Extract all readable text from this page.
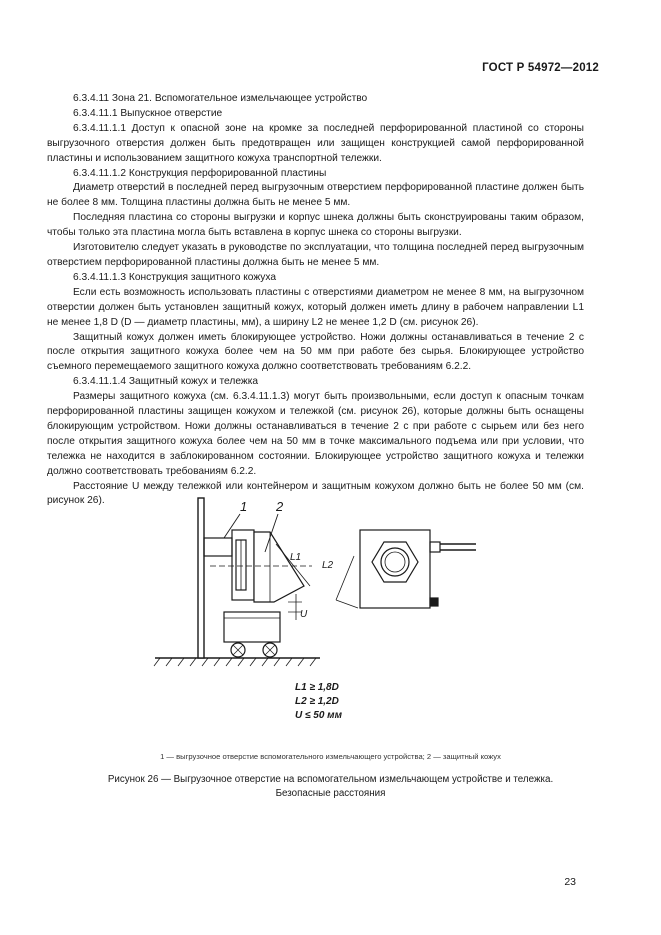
ГОСТ Р 54972—2012

6.3.4.11 Зона 21. Вспомогательное измельчающее устройство

6.3.4.11.1 Выпускное отверстие

6.3.4.11.1.1 Доступ к опасной зоне на кромке за последней перфорированной пластиной со стороны выгрузочного отверстия должен быть предотвращен или защищен конструкцией самой перфорированной пластины и использованием защитного кожуха транспортной тележки.

6.3.4.11.1.2 Конструкция перфорированной пластины

Диаметр отверстий в последней перед выгрузочным отверстием перфорированной пластине должен быть не более 8 мм. Толщина пластины должна быть не менее 5 мм.

Последняя пластина со стороны выгрузки и корпус шнека должны быть сконструированы таким образом, чтобы только эта пластина могла быть вставлена в корпус шнека со стороны выгрузки.

Изготовителю следует указать в руководстве по эксплуатации, что толщина последней перед выгрузочным отверстием перфорированной пластины должна быть не менее 5 мм.

6.3.4.11.1.3 Конструкция защитного кожуха

Если есть возможность использовать пластины с отверстиями диаметром не менее 8 мм, на выгрузочном отверстии должен быть установлен защитный кожух, который должен иметь длину в рабочем направлении L1 не менее 1,8 D (D — диаметр пластины, мм), а ширину L2 не менее 1,2 D (см. рисунок 26).

Защитный кожух должен иметь блокирующее устройство. Ножи должны останавливаться в течение 2 с после открытия защитного кожуха более чем на 50 мм при работе без сырья. Блокирующее устройство съемного перемещаемого защитного кожуха должно соответствовать требованиям 6.2.2.

6.3.4.11.1.4 Защитный кожух и тележка

Размеры защитного кожуха (см. 6.3.4.11.1.3) могут быть произвольными, если доступ к опасным точкам перфорированной пластины защищен кожухом и тележкой (см. рисунок 26), которые должны быть оснащены блокирующим устройством. Ножи должны останавливаться в течение 2 с при работе с сырьем или без него после открытия защитного кожуха более чем на 50 мм в точке максимального подъема или при условии, что тележка не находится в заблокированном состоянии. Блокирующее устройство защитного кожуха и тележки должно соответствовать требованиям 6.2.2.

Расстояние U между тележкой или контейнером и защитным кожухом должно быть не более 50 мм (см. рисунок 26).	1 2
L1
U
L2
L1 ≥ 1,8D
L2 ≥ 1,2D
U ≤ 50 мм
1 — выгрузочное отверстие вспомогательного измельчающего устройства; 2 — защитный кожух
Рисунок 26 — Выгрузочное отверстие на вспомогательном измельчающем устройстве и тележка.
Безопасные расстояния
23
